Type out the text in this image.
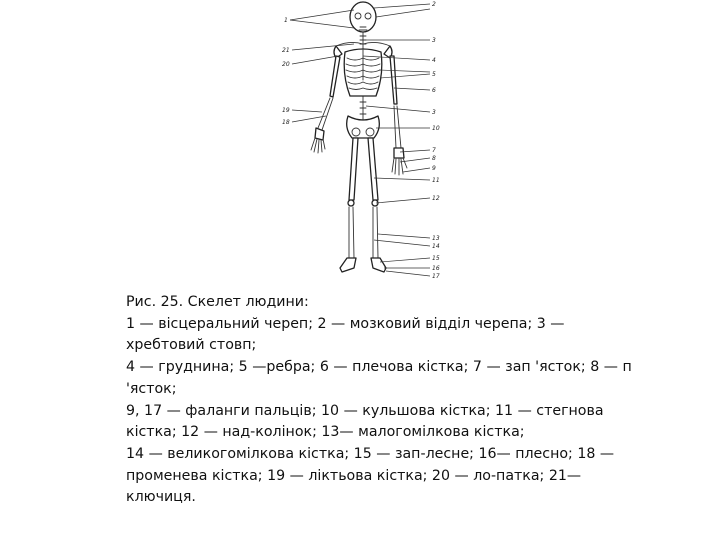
2
3
4
5
6
3
10
7
8
9
11
12
13
14
15
16
17
1
21
20
19
18
Рис. 25. Скелет людини:
1 — вісцеральний череп; 2 — мозковий відділ черепа; 3 —
хребтовий стовп;
4 — груднина; 5 —ребра; 6 — плечова кістка; 7 — зап 'ясток; 8 — п
'ясток;
9, 17 — фаланги пальців; 10 — кульшова кістка; 11 — стегнова
кістка; 12 — над-колінок; 13— малогомілкова кістка;
14 — великогомілкова кістка; 15 — зап-лесне; 16— плесно; 18 —
променева кістка; 19 — ліктьова кістка; 20 — ло-патка; 21—
ключиця.
